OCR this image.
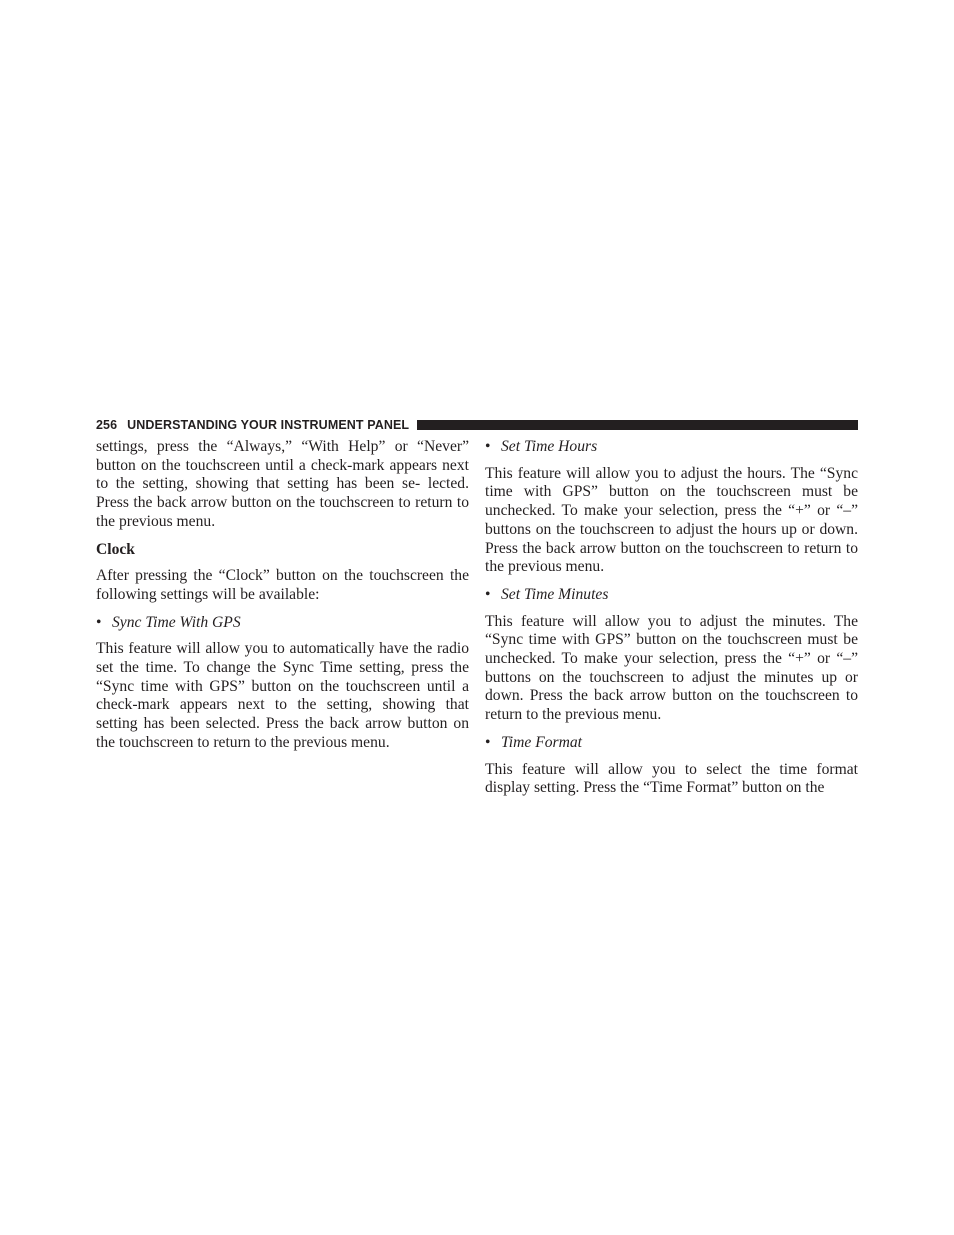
256 UNDERSTANDING YOUR INSTRUMENT PANEL

settings, press the “Always,” “With Help” or “Never” button on the touchscreen until a check-mark appears next to the setting, showing that setting has been se- lected. Press the back arrow button on the touchscreen to return to the previous menu.

Clock

After pressing the “Clock” button on the touchscreen the following settings will be available:

• Sync Time With GPS

This feature will allow you to automatically have the radio set the time. To change the Sync Time setting, press the “Sync time with GPS” button on the touchscreen until a check-mark appears next to the setting, showing that setting has been selected. Press the back arrow button on the touchscreen to return to the previous menu.

• Set Time Hours

This feature will allow you to adjust the hours. The “Sync time with GPS” button on the touchscreen must be unchecked. To make your selection, press the “+” or “–” buttons on the touchscreen to adjust the hours up or down. Press the back arrow button on the touchscreen to return to the previous menu.

• Set Time Minutes

This feature will allow you to adjust the minutes. The “Sync time with GPS” button on the touchscreen must be unchecked. To make your selection, press the “+” or “–” buttons on the touchscreen to adjust the minutes up or down. Press the back arrow button on the touchscreen to return to the previous menu.

• Time Format

This feature will allow you to select the time format display setting. Press the “Time Format” button on the
